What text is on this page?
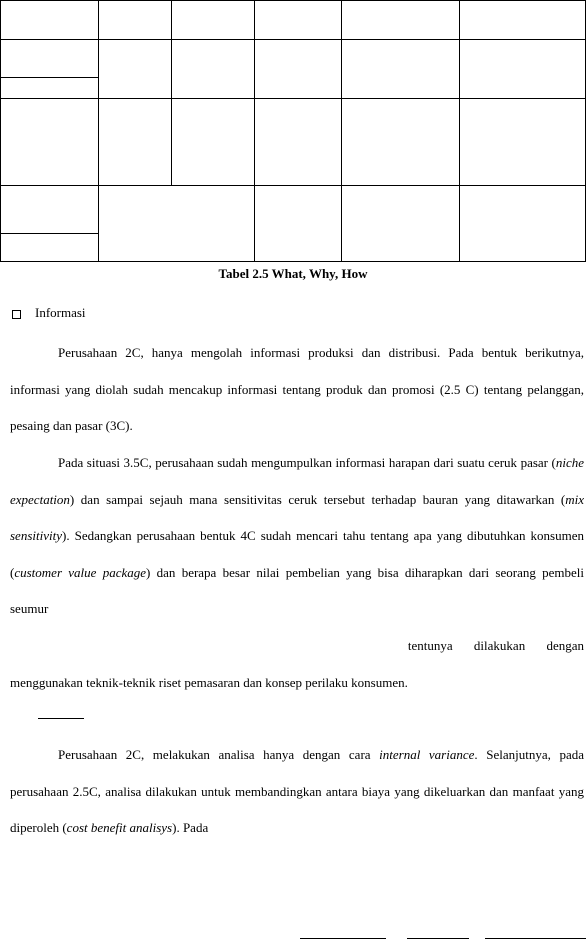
Tabel 2.5 What, Why, How
Informasi

Perusahaan 2C, hanya mengolah informasi produksi dan distribusi. Pada bentuk berikutnya, informasi yang diolah sudah mencakup informasi tentang produk dan promosi (2.5 C) tentang pelanggan, pesaing dan pasar (3C).

Pada situasi 3.5C, perusahaan sudah mengumpulkan informasi harapan dari suatu ceruk pasar (niche expectation) dan sampai sejauh mana sensitivitas ceruk tersebut terhadap bauran yang ditawarkan (mix sensitivity). Sedangkan perusahaan bentuk 4C sudah mencari tahu tentang apa yang dibutuhkan konsumen (customer value package) dan berapa besar nilai pembelian yang bisa diharapkan dari seorang pembeli seumur

tentunya dilakukan dengan
menggunakan teknik-teknik riset pemasaran dan konsep perilaku konsumen.

Perusahaan 2C, melakukan analisa hanya dengan cara internal variance. Selanjutnya, pada perusahaan 2.5C, analisa dilakukan untuk membandingkan antara biaya yang dikeluarkan dan manfaat yang diperoleh (cost benefit analisys). Pada
